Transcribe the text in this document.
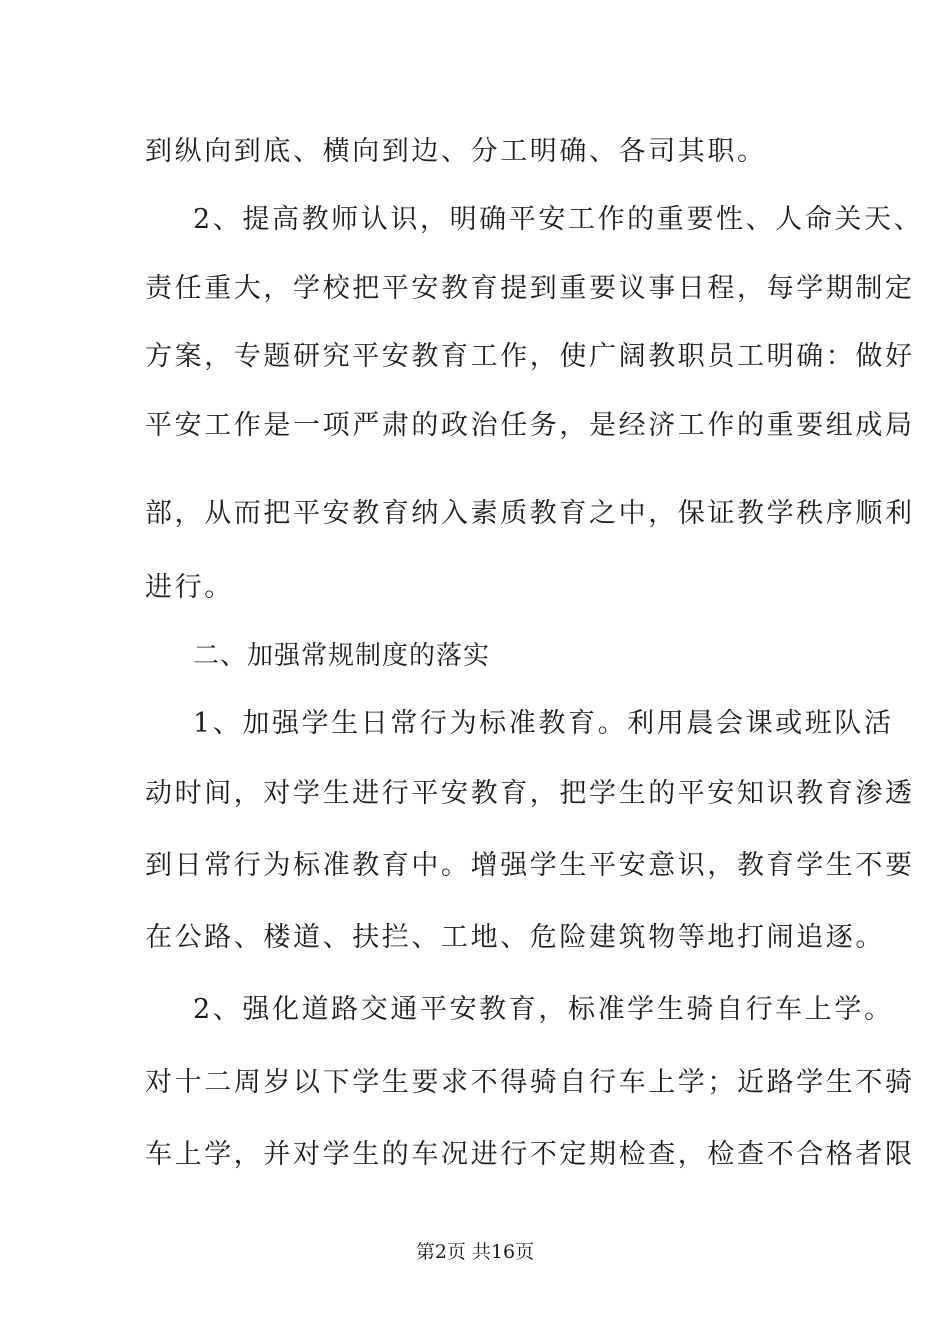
到纵向到底、横向到边、分工明确、各司其职。
2、提高教师认识，明确平安工作的重要性、人命关天、
责任重大，学校把平安教育提到重要议事日程，每学期制定
方案，专题研究平安教育工作，使广阔教职员工明确：做好
平安工作是一项严肃的政治任务，是经济工作的重要组成局
部，从而把平安教育纳入素质教育之中，保证教学秩序顺利
进行。
二、加强常规制度的落实
1、加强学生日常行为标准教育。利用晨会课或班队活
动时间，对学生进行平安教育，把学生的平安知识教育渗透
到日常行为标准教育中。增强学生平安意识，教育学生不要
在公路、楼道、扶拦、工地、危险建筑物等地打闹追逐。
2、强化道路交通平安教育，标准学生骑自行车上学。
对十二周岁以下学生要求不得骑自行车上学；近路学生不骑
车上学，并对学生的车况进行不定期检查，检查不合格者限
第2页 共16页
